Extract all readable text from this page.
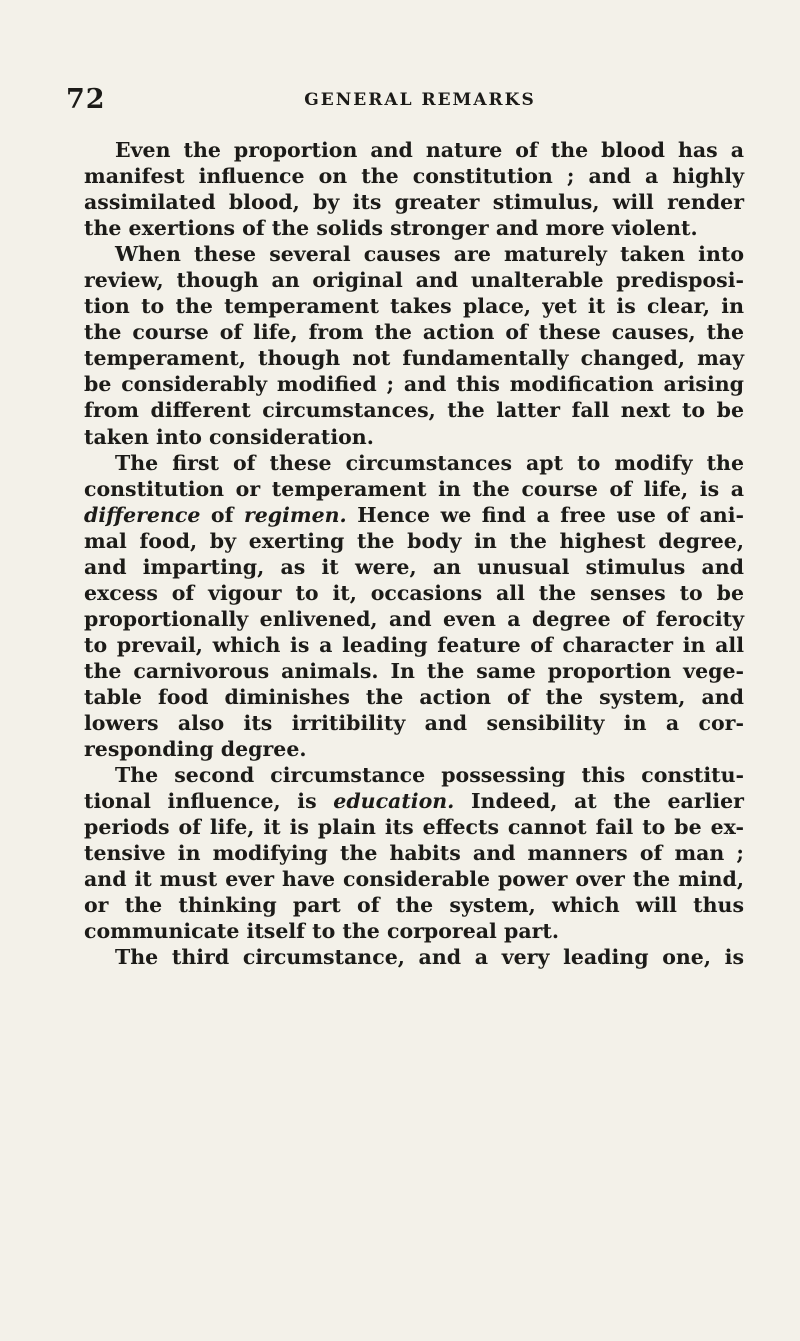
72	GENERAL REMARKS
Even the proportion and nature of the blood has a
manifest influence on the constitution ; and a highly
assimilated blood, by its greater stimulus, will render
the exertions of the solids stronger and more violent.
When these several causes are maturely taken into
review, though an original and unalterable predisposi-
tion to the temperament takes place, yet it is clear, in
the course of life, from the action of these causes, the
temperament, though not fundamentally changed, may
be considerably modified ; and this modification arising
from different circumstances, the latter fall next to be
taken into consideration.
The first of these circumstances apt to modify the
constitution or temperament in the course of life, is a
difference of regimen. Hence we find a free use of ani-
mal food, by exerting the body in the highest degree,
and imparting, as it were, an unusual stimulus and
excess of vigour to it, occasions all the senses to be
proportionally enlivened, and even a degree of ferocity
to prevail, which is a leading feature of character in all
the carnivorous animals. In the same proportion vege-
table food diminishes the action of the system, and
lowers also its irritibility and sensibility in a cor-
responding degree.
The second circumstance possessing this constitu-
tional influence, is education. Indeed, at the earlier
periods of life, it is plain its effects cannot fail to be ex-
tensive in modifying the habits and manners of man ;
and it must ever have considerable power over the mind,
or the thinking part of the system, which will thus
communicate itself to the corporeal part.
The third circumstance, and a very leading one, is
